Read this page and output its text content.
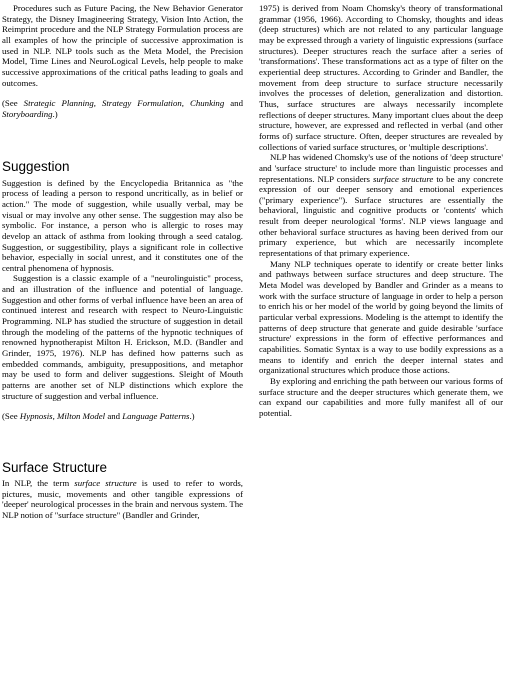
Procedures such as Future Pacing, the New Behavior Generator Strategy, the Disney Imagineering Strategy, Vision Into Action, the Reimprint procedure and the NLP Strategy Formulation process are all examples of how the principle of successive approximation is used in NLP. NLP tools such as the Meta Model, the Precision Model, Time Lines and NeuroLogical Levels, help people to make successive approximations of the critical paths leading to goals and outcomes.

(See Strategic Planning, Strategy Formulation, Chunking and Storyboarding.)

Suggestion

Suggestion is defined by the Encyclopedia Britannica as "the process of leading a person to respond uncritically, as in belief or action." The mode of suggestion, while usually verbal, may be visual or may involve any other sense. The suggestion may also be symbolic. For instance, a person who is allergic to roses may develop an attack of asthma from looking through a seed catalog. Suggestion, or suggestibility, plays a significant role in collective behavior, especially in social unrest, and it constitutes one of the central phenomena of hypnosis.

Suggestion is a classic example of a "neurolinguistic" process, and an illustration of the influence and potential of language. Suggestion and other forms of verbal influence have been an area of continued interest and research with respect to Neuro-Linguistic Programming. NLP has studied the structure of suggestion in detail through the modeling of the patterns of the hypnotic techniques of renowned hypnotherapist Milton H. Erickson, M.D. (Bandler and Grinder, 1975, 1976). NLP has defined how patterns such as embedded commands, ambiguity, presuppositions, and metaphor may be used to form and deliver suggestions. Sleight of Mouth patterns are another set of NLP distinctions which explore the structure of suggestion and verbal influence.

(See Hypnosis, Milton Model and Language Patterns.)

Surface Structure

In NLP, the term surface structure is used to refer to words, pictures, music, movements and other tangible expressions of 'deeper' neurological processes in the brain and nervous system. The NLP notion of "surface structure" (Bandler and Grinder,

1975) is derived from Noam Chomsky's theory of transformational grammar (1956, 1966). According to Chomsky, thoughts and ideas (deep structures) which are not related to any particular language may be expressed through a variety of linguistic expressions (surface structures). Deeper structures reach the surface after a series of 'transformations'. These transformations act as a type of filter on the experiential deep structures. According to Grinder and Bandler, the movement from deep structure to surface structure necessarily involves the processes of deletion, generalization and distortion. Thus, surface structures are always necessarily incomplete reflections of deeper structures. Many important clues about the deep structure, however, are expressed and reflected in verbal (and other forms of) surface structure. Often, deeper structures are revealed by collections of varied surface structures, or 'multiple descriptions'.

NLP has widened Chomsky's use of the notions of 'deep structure' and 'surface structure' to include more than linguistic processes and representations. NLP considers surface structure to be any concrete expression of our deeper sensory and emotional experiences ("primary experience"). Surface structures are essentially the behavioral, linguistic and cognitive products or 'contents' which result from deeper neurological 'forms'. NLP views language and other behavioral surface structures as having been derived from our primary experience, but which are necessarily incomplete representations of that primary experience.

Many NLP techniques operate to identify or create better links and pathways between surface structures and deep structure. The Meta Model was developed by Bandler and Grinder as a means to work with the surface structure of language in order to help a person to enrich his or her model of the world by going beyond the limits of particular verbal expressions. Modeling is the attempt to identify the patterns of deep structure that generate and guide desirable 'surface structure' expressions in the form of effective performances and capabilities. Somatic Syntax is a way to use bodily expressions as a means to identify and enrich the deeper internal states and organizational structures which produce those actions.

By exploring and enriching the path between our various forms of surface structure and the deeper structures which generate them, we can expand our capabilities and more fully manifest all of our potential.
